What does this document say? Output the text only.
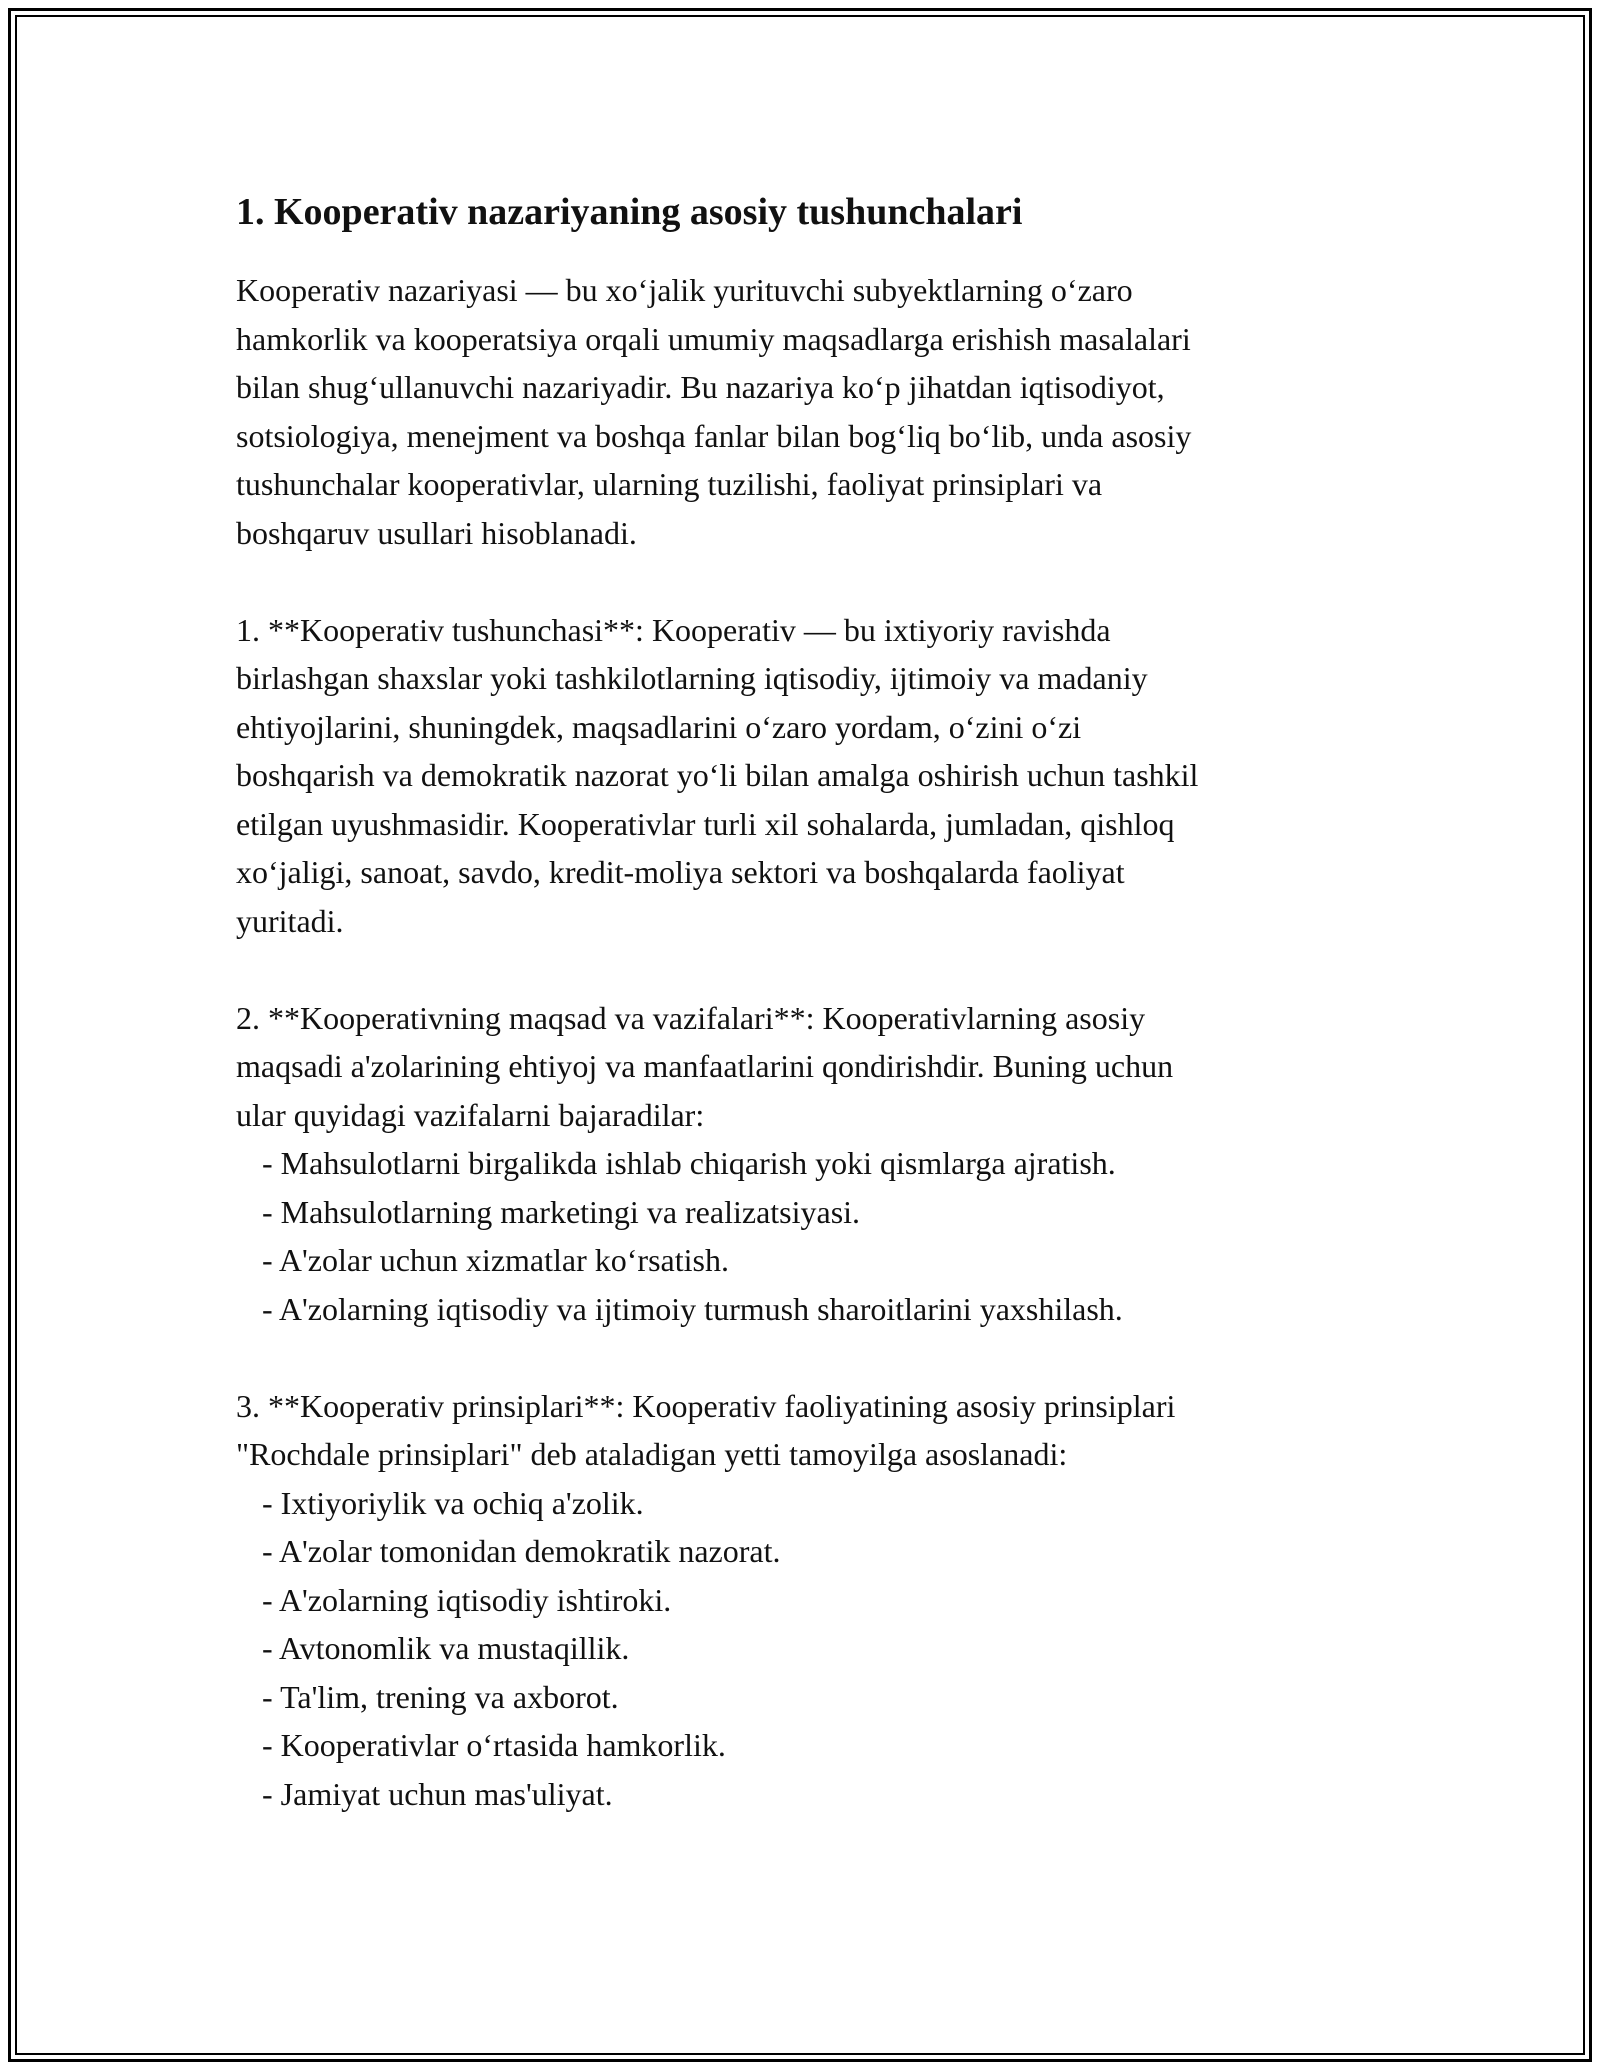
1. Kooperativ nazariyaning asosiy tushunchalari

Kooperativ nazariyasi — bu xo‘jalik yurituvchi subyektlarning o‘zaro
hamkorlik va kooperatsiya orqali umumiy maqsadlarga erishish masalalari
bilan shug‘ullanuvchi nazariyadir. Bu nazariya ko‘p jihatdan iqtisodiyot,
sotsiologiya, menejment va boshqa fanlar bilan bog‘liq bo‘lib, unda asosiy
tushunchalar kooperativlar, ularning tuzilishi, faoliyat prinsiplari va
boshqaruv usullari hisoblanadi.

1. **Kooperativ tushunchasi**: Kooperativ — bu ixtiyoriy ravishda
birlashgan shaxslar yoki tashkilotlarning iqtisodiy, ijtimoiy va madaniy
ehtiyojlarini, shuningdek, maqsadlarini o‘zaro yordam, o‘zini o‘zi
boshqarish va demokratik nazorat yo‘li bilan amalga oshirish uchun tashkil
etilgan uyushmasidir. Kooperativlar turli xil sohalarda, jumladan, qishloq
xo‘jaligi, sanoat, savdo, kredit-moliya sektori va boshqalarda faoliyat
yuritadi.

2. **Kooperativning maqsad va vazifalari**: Kooperativlarning asosiy
maqsadi a'zolarining ehtiyoj va manfaatlarini qondirishdir. Buning uchun
ular quyidagi vazifalarni bajaradilar:
- Mahsulotlarni birgalikda ishlab chiqarish yoki qismlarga ajratish.
- Mahsulotlarning marketingi va realizatsiyasi.
- A'zolar uchun xizmatlar ko‘rsatish.
- A'zolarning iqtisodiy va ijtimoiy turmush sharoitlarini yaxshilash.

3. **Kooperativ prinsiplari**: Kooperativ faoliyatining asosiy prinsiplari
"Rochdale prinsiplari" deb ataladigan yetti tamoyilga asoslanadi:
- Ixtiyoriylik va ochiq a'zolik.
- A'zolar tomonidan demokratik nazorat.
- A'zolarning iqtisodiy ishtiroki.
- Avtonomlik va mustaqillik.
- Ta'lim, trening va axborot.
- Kooperativlar o‘rtasida hamkorlik.
- Jamiyat uchun mas'uliyat.
